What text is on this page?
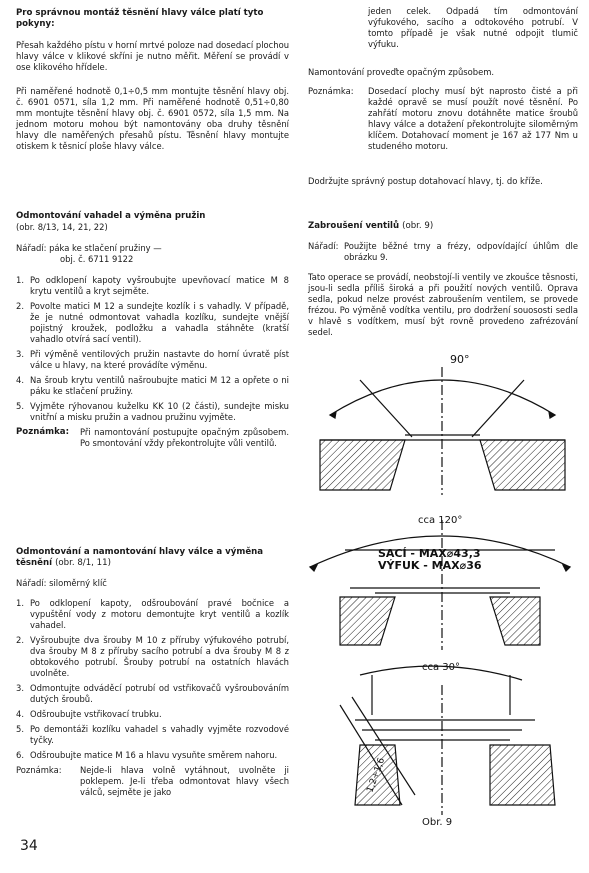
Pro správnou montáž těsnění hlavy válce platí tyto pokyny:

Přesah každého pístu v horní mrtvé poloze nad dosedací plochou hlavy válce v klikové skříni je nutno měřit. Měření se provádí v ose klikového hřídele.

Při naměřené hodnotě 0,1÷0,5 mm montujte těsnění hlavy obj. č. 6901 0571, síla 1,2 mm. Při naměřené hodnotě 0,51÷0,80 mm montujte těsnění hlavy obj. č. 6901 0572, síla 1,5 mm. Na jednom motoru mohou být namontovány oba druhy těsnění hlavy dle naměřených přesahů pístu. Těsnění hlavy montujte otiskem k těsnicí ploše hlavy válce.

Odmontování vahadel a výměna pružin

(obr. 8/13, 14, 21, 22)

Nářadí: páka ke stlačení pružiny —

obj. č. 6711 9122

1. Po odklopení kapoty vyšroubujte upevňovací matice M 8 krytu ventilů a kryt sejměte.
2. Povolte matici M 12 a sundejte kozlík i s vahadly. V případě, že je nutné odmontovat vahadla kozlíku, sundejte vnější pojistný kroužek, podložku a vahadla stáhněte (kratší vahadlo otvírá sací ventil).
3. Při výměně ventilových pružin nastavte do horní úvratě píst válce u hlavy, na které provádíte výměnu.
4. Na šroub krytu ventilů našroubujte matici M 12 a opřete o ni páku ke stlačení pružiny.
5. Vyjměte rýhovanou kuželku KK 10 (2 části), sundejte misku vnitřní a misku pružin a vadnou pružinu vyjměte.
Poznámka:	Při namontování postupujte opačným způsobem. Po smontování vždy překontrolujte vůli ventilů.

Odmontování a namontování hlavy válce a výměna těsnění (obr. 8/1, 11)

Nářadí: siloměrný klíč

1. Po odklopení kapoty, odšroubování pravé bočnice a vypuštění vody z motoru demontujte kryt ventilů a kozlík vahadel.
2. Vyšroubujte dva šrouby M 10 z příruby výfukového potrubí, dva šrouby M 8 z příruby sacího potrubí a dva šrouby M 8 z obtokového potrubí. Šrouby potrubí na ostatních hlavách uvolněte.
3. Odmontujte odváděcí potrubí od vstřikovačů vyšroubováním dutých šroubů.
4. Odšroubujte vstřikovací trubku.
5. Po demontáži kozlíku vahadel s vahadly vyjměte rozvodové tyčky.
6. Odšroubujte matice M 16 a hlavu vysuňte směrem nahoru.
Poznámka:	Nejde-li hlava volně vytáhnout, uvolněte ji poklepem. Je-li třeba odmontovat hlavy všech válců, sejměte je jako

jeden celek. Odpadá tím odmontování výfukového, sacího a odtokového potrubí. V tomto případě je však nutné odpojit tlumič výfuku.

Namontování proveďte opačným způsobem.

Poznámka:	Dosedací plochy musí být naprosto čisté a při každé opravě se musí použít nové těsnění. Po zahřátí motoru znovu dotáhněte matice šroubů hlavy válce a dotažení překontrolujte siloměrným klíčem. Dotahovací moment je 167 až 177 Nm u studeného motoru.

Dodržujte správný postup dotahovací hlavy, tj. do kříže.

Zabroušení ventilů (obr. 9)

Nářadí: Použijte běžné trny a frézy, odpovídající úhlům dle obrázku 9.

Tato operace se provádí, neobstojí-li ventily ve zkoušce těsnosti, jsou-li sedla příliš široká a při použití nových ventilů. Oprava sedla, pokud nelze provést zabroušením ventilem, se provede frézou. Po výměně vodítka ventilu, pro dodržení souososti sedla v hlavě s vodítkem, musí být rovně provedeno zafrézování sedel.

90°
cca 120°
SACÍ - MAX⌀43,3
VÝFUK - MAX⌀36
cca 30°
1,2÷1,6
Obr. 9
34
